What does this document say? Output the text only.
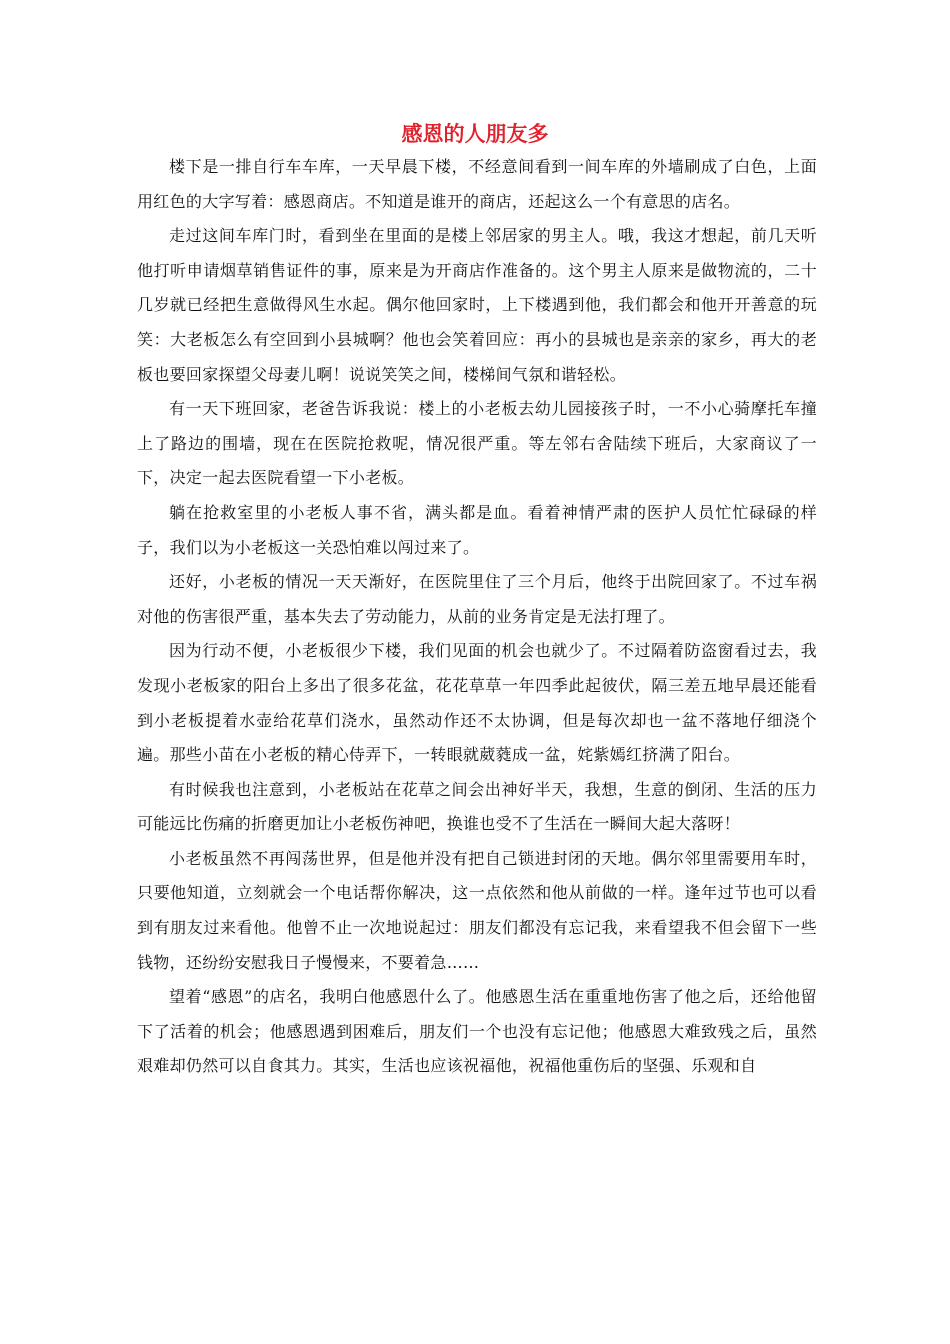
感恩的人朋友多

楼下是一排自行车车库，一天早晨下楼，不经意间看到一间车库的外墙刷成了白色，上面用红色的大字写着：感恩商店。不知道是谁开的商店，还起这么一个有意思的店名。

走过这间车库门时，看到坐在里面的是楼上邻居家的男主人。哦，我这才想起，前几天听他打听申请烟草销售证件的事，原来是为开商店作准备的。这个男主人原来是做物流的，二十几岁就已经把生意做得风生水起。偶尔他回家时，上下楼遇到他，我们都会和他开开善意的玩笑：大老板怎么有空回到小县城啊？他也会笑着回应：再小的县城也是亲亲的家乡，再大的老板也要回家探望父母妻儿啊！说说笑笑之间，楼梯间气氛和谐轻松。

有一天下班回家，老爸告诉我说：楼上的小老板去幼儿园接孩子时，一不小心骑摩托车撞上了路边的围墙，现在在医院抢救呢，情况很严重。等左邻右舍陆续下班后，大家商议了一下，决定一起去医院看望一下小老板。

躺在抢救室里的小老板人事不省，满头都是血。看着神情严肃的医护人员忙忙碌碌的样子，我们以为小老板这一关恐怕难以闯过来了。

还好，小老板的情况一天天渐好，在医院里住了三个月后，他终于出院回家了。不过车祸对他的伤害很严重，基本失去了劳动能力，从前的业务肯定是无法打理了。

因为行动不便，小老板很少下楼，我们见面的机会也就少了。不过隔着防盗窗看过去，我发现小老板家的阳台上多出了很多花盆，花花草草一年四季此起彼伏，隔三差五地早晨还能看到小老板提着水壶给花草们浇水，虽然动作还不太协调，但是每次却也一盆不落地仔细浇个遍。那些小苗在小老板的精心侍弄下，一转眼就葳蕤成一盆，姹紫嫣红挤满了阳台。

有时候我也注意到，小老板站在花草之间会出神好半天，我想，生意的倒闭、生活的压力可能远比伤痛的折磨更加让小老板伤神吧，换谁也受不了生活在一瞬间大起大落呀！

小老板虽然不再闯荡世界，但是他并没有把自己锁进封闭的天地。偶尔邻里需要用车时，只要他知道，立刻就会一个电话帮你解决，这一点依然和他从前做的一样。逢年过节也可以看到有朋友过来看他。他曾不止一次地说起过：朋友们都没有忘记我，来看望我不但会留下一些钱物，还纷纷安慰我日子慢慢来，不要着急……

望着“感恩”的店名，我明白他感恩什么了。他感恩生活在重重地伤害了他之后，还给他留下了活着的机会；他感恩遇到困难后，朋友们一个也没有忘记他；他感恩大难致残之后，虽然艰难却仍然可以自食其力。其实，生活也应该祝福他，祝福他重伤后的坚强、乐观和自
